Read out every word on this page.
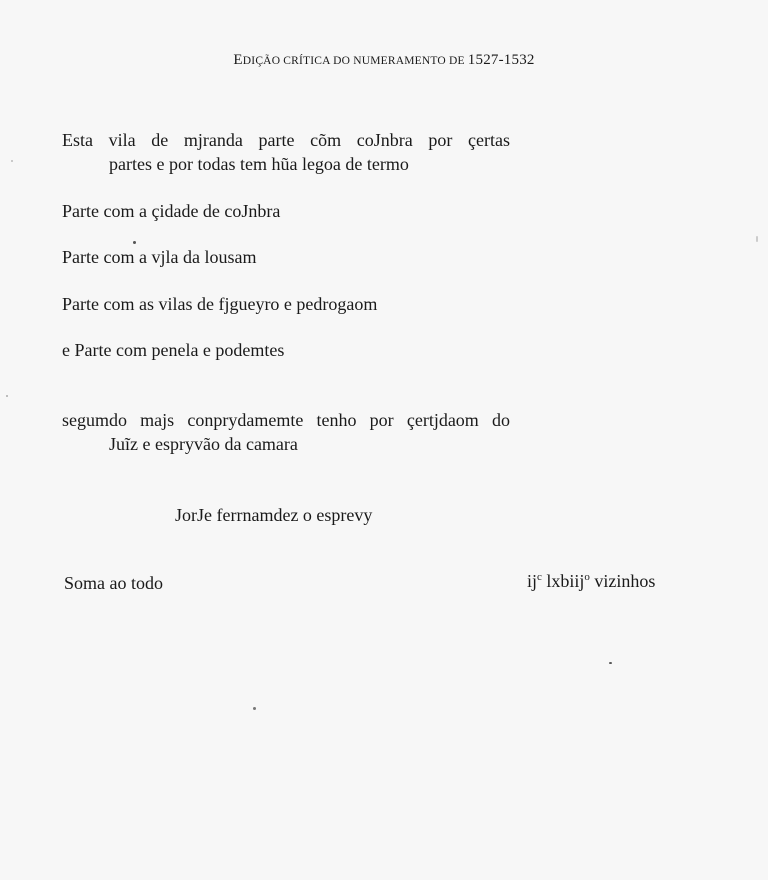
EDIÇÃO CRÍTICA DO NUMERAMENTO DE 1527-1532
Esta vila de mjranda parte cõm coJnbra por çertas
partes e por todas tem hũa legoa de termo

Parte com a çidade de coJnbra

Parte com a vjla da lousam

Parte com as vilas de fjgueyro e pedrogaom

e Parte com penela e podemtes

segumdo majs conprydamemte tenho por çertjdaom do
Juĩz e espryvão da camara
JorJe ferrnamdez o esprevy
Soma ao todo	$ij^c$ lxbiij$^o$ vizinhos
